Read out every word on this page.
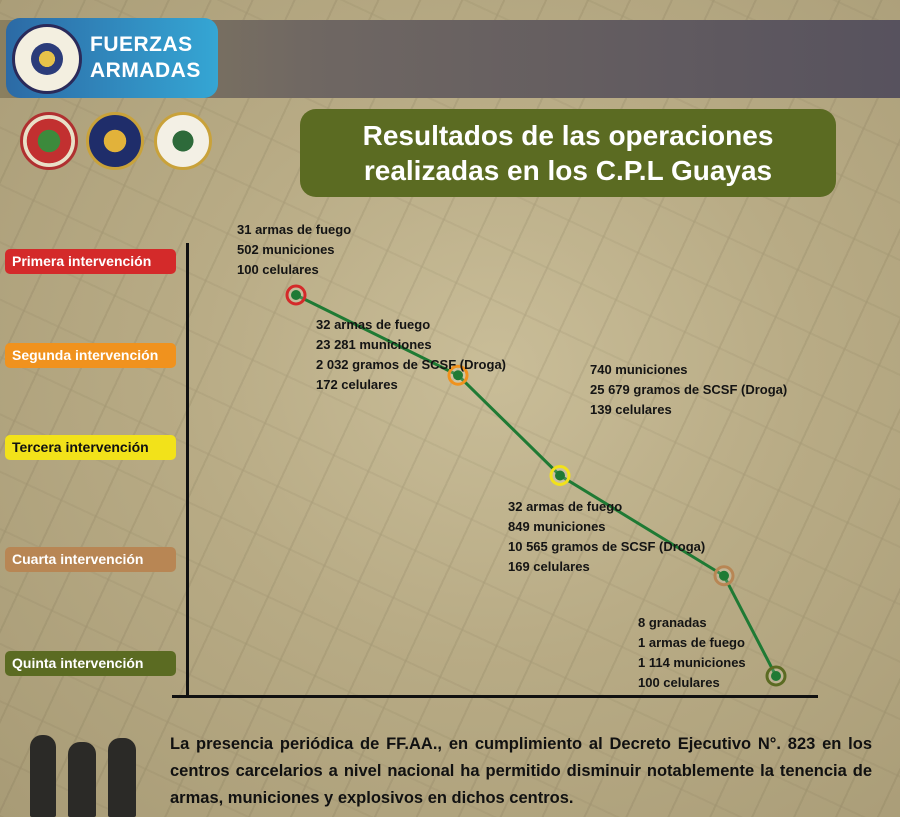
FUERZAS
ARMADAS
Resultados de las operaciones
realizadas en los C.P.L Guayas
Primera intervención
Segunda intervención
Tercera intervención
Cuarta intervención
Quinta intervención
31 armas de fuego
502 municiones
100 celulares
32 armas de fuego
23 281 municiones
2 032 gramos de SCSF (Droga)
172 celulares
740 municiones
25 679 gramos de SCSF (Droga)
139 celulares
32 armas de fuego
849 municiones
10 565 gramos de SCSF (Droga)
169 celulares
8 granadas
1 armas de fuego
1 114 municiones
100 celulares
La presencia periódica de FF.AA., en cumplimiento al Decreto Ejecutivo N°. 823 en los centros carcelarios a nivel nacional ha permitido disminuir notablemente la tenencia de armas, municiones y explosivos en dichos centros.
